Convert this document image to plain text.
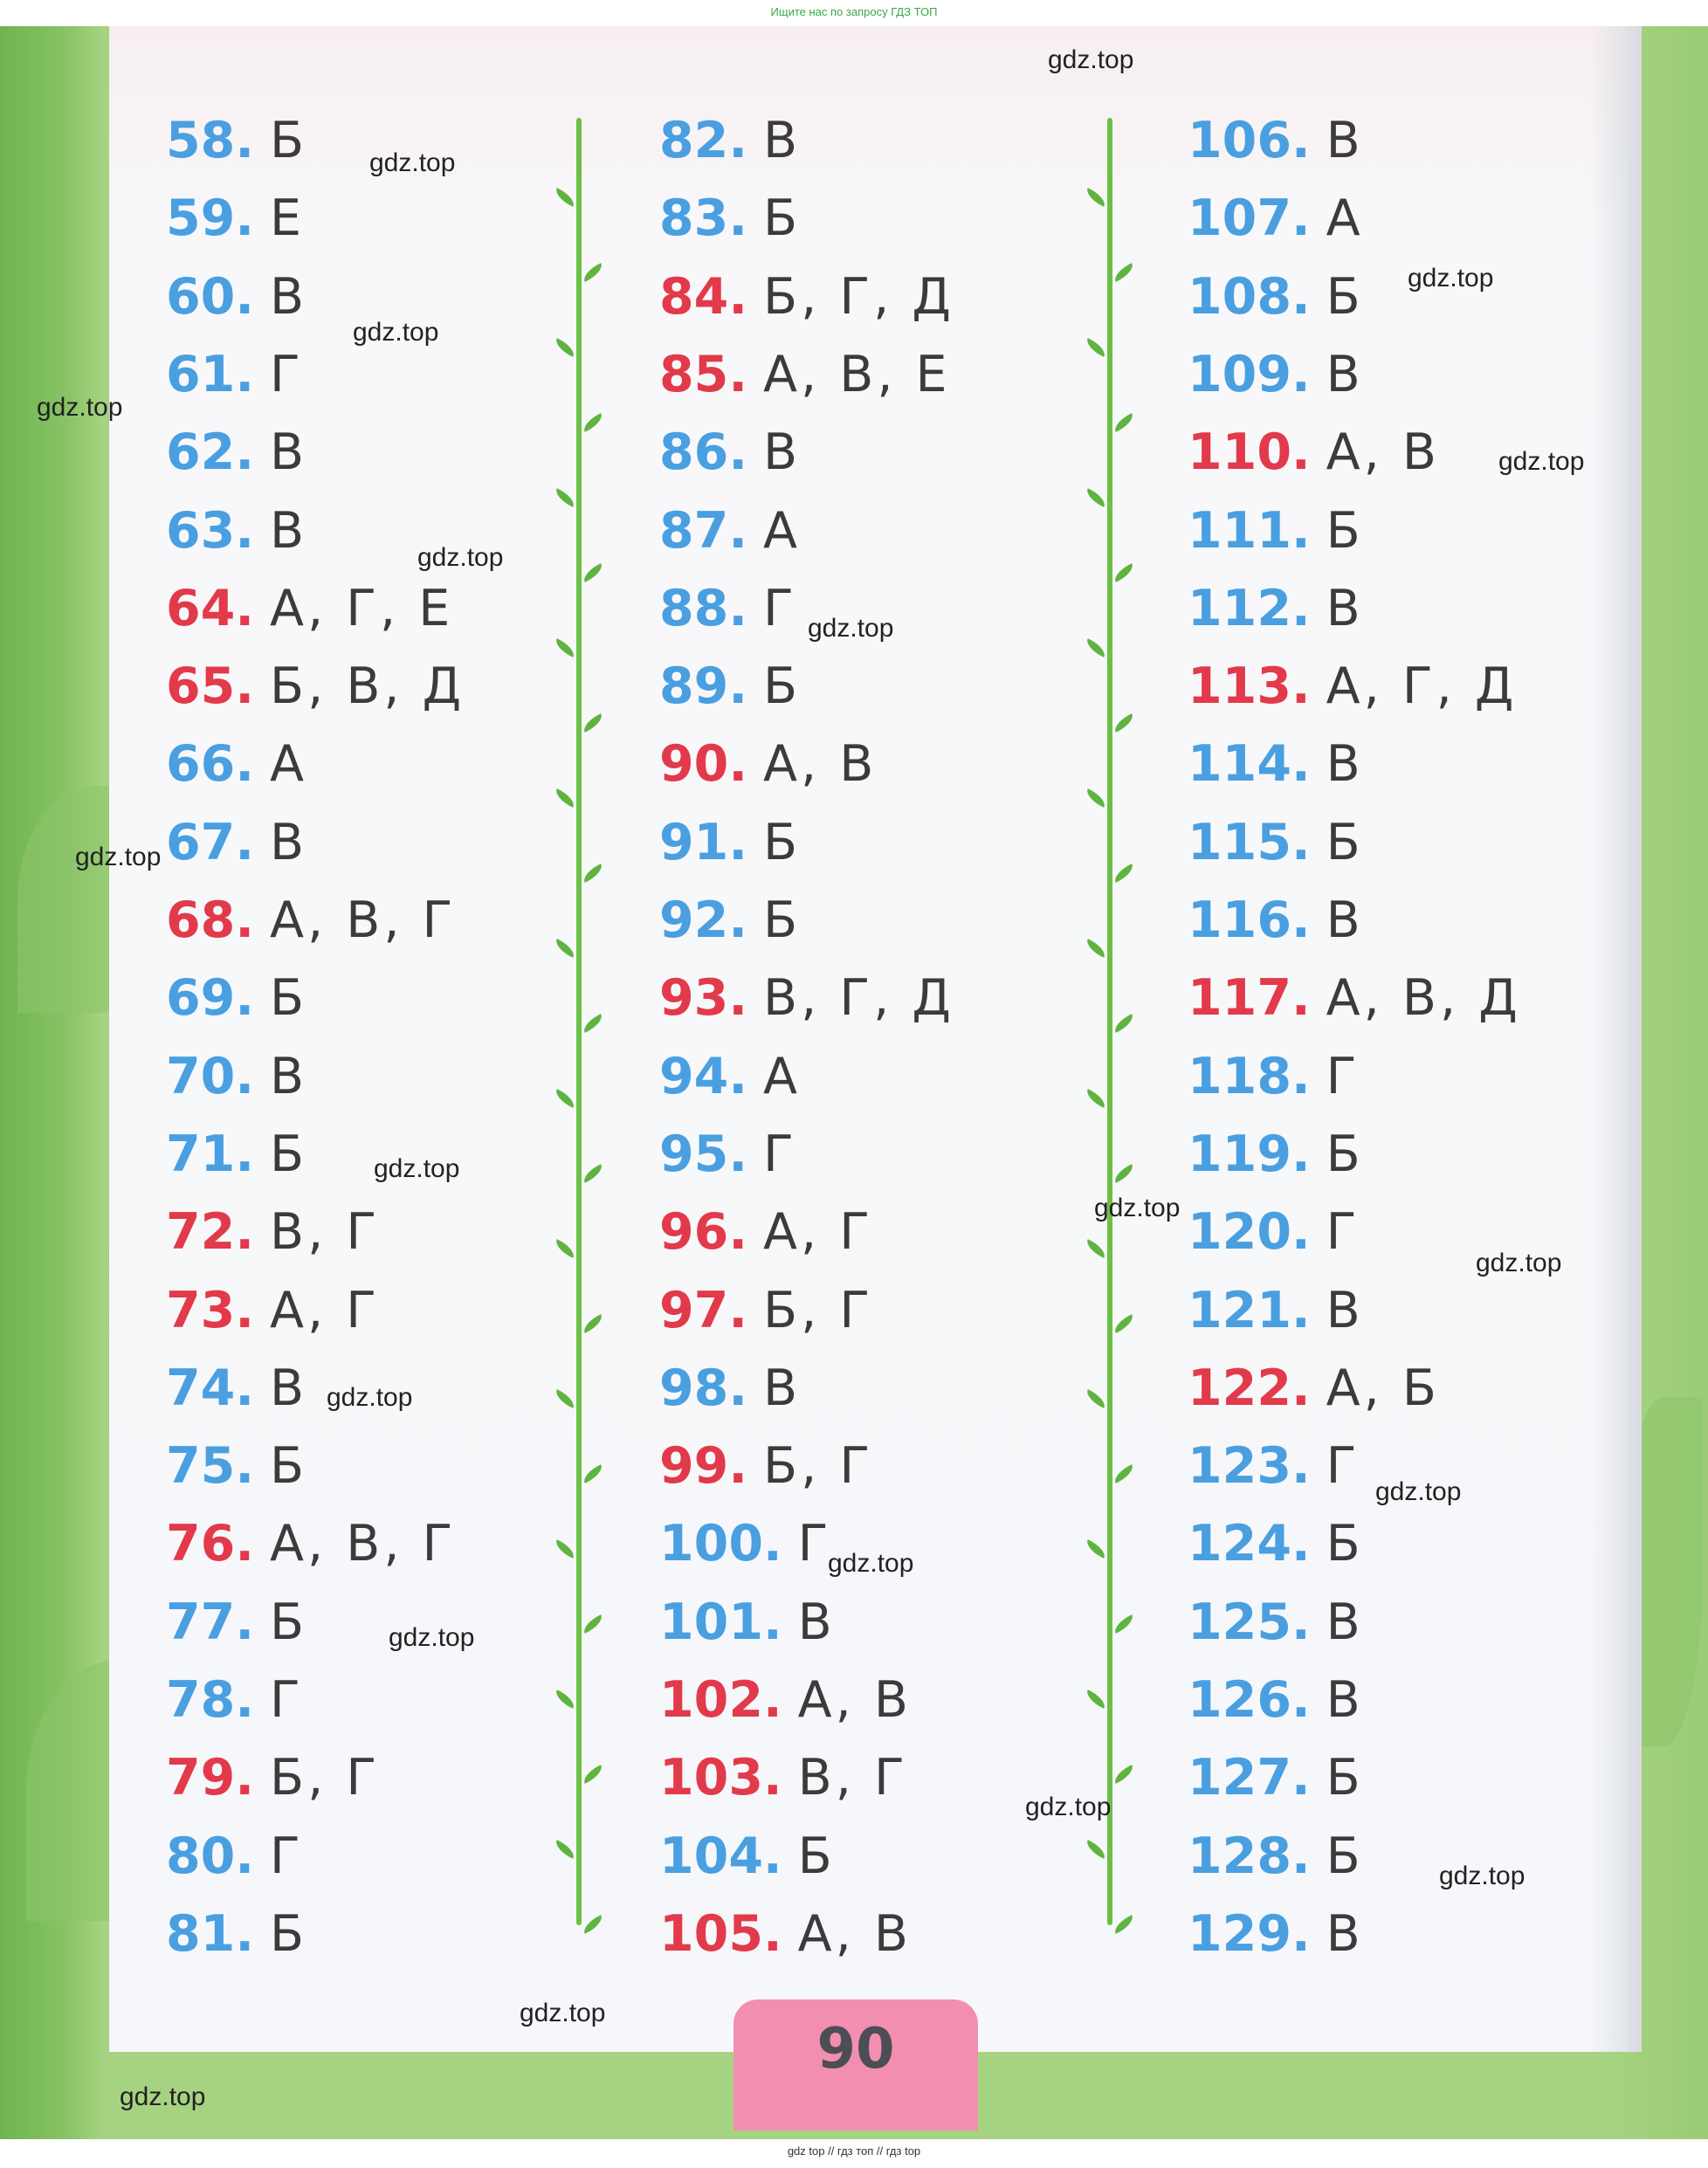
Ищите нас по запросу ГДЗ ТОП
58. Б
59. Е
60. В
61. Г
62. В
63. В
64. А, Г, Е
65. Б, В, Д
66. А
67. В
68. А, В, Г
69. Б
70. В
71. Б
72. В, Г
73. А, Г
74. В
75. Б
76. А, В, Г
77. Б
78. Г
79. Б, Г
80. Г
81. Б
82. В
83. Б
84. Б, Г, Д
85. А, В, Е
86. В
87. А
88. Г
89. Б
90. А, В
91. Б
92. Б
93. В, Г, Д
94. А
95. Г
96. А, Г
97. Б, Г
98. В
99. Б, Г
100. Г
101. В
102. А, В
103. В, Г
104. Б
105. А, В
106. В
107. А
108. Б
109. В
110. А, В
111. Б
112. В
113. А, Г, Д
114. В
115. Б
116. В
117. А, В, Д
118. Г
119. Б
120. Г
121. В
122. А, Б
123. Г
124. Б
125. В
126. В
127. Б
128. Б
129. В
90
gdz.top
gdz.top
gdz.top
gdz.top
gdz.top
gdz.top
gdz.top
gdz.top
gdz.top
gdz.top
gdz.top
gdz.top
gdz.top
gdz.top
gdz.top
gdz.top
gdz.top
gdz.top
gdz.top
gdz.top
gdz top // гдз топ // гдз top
